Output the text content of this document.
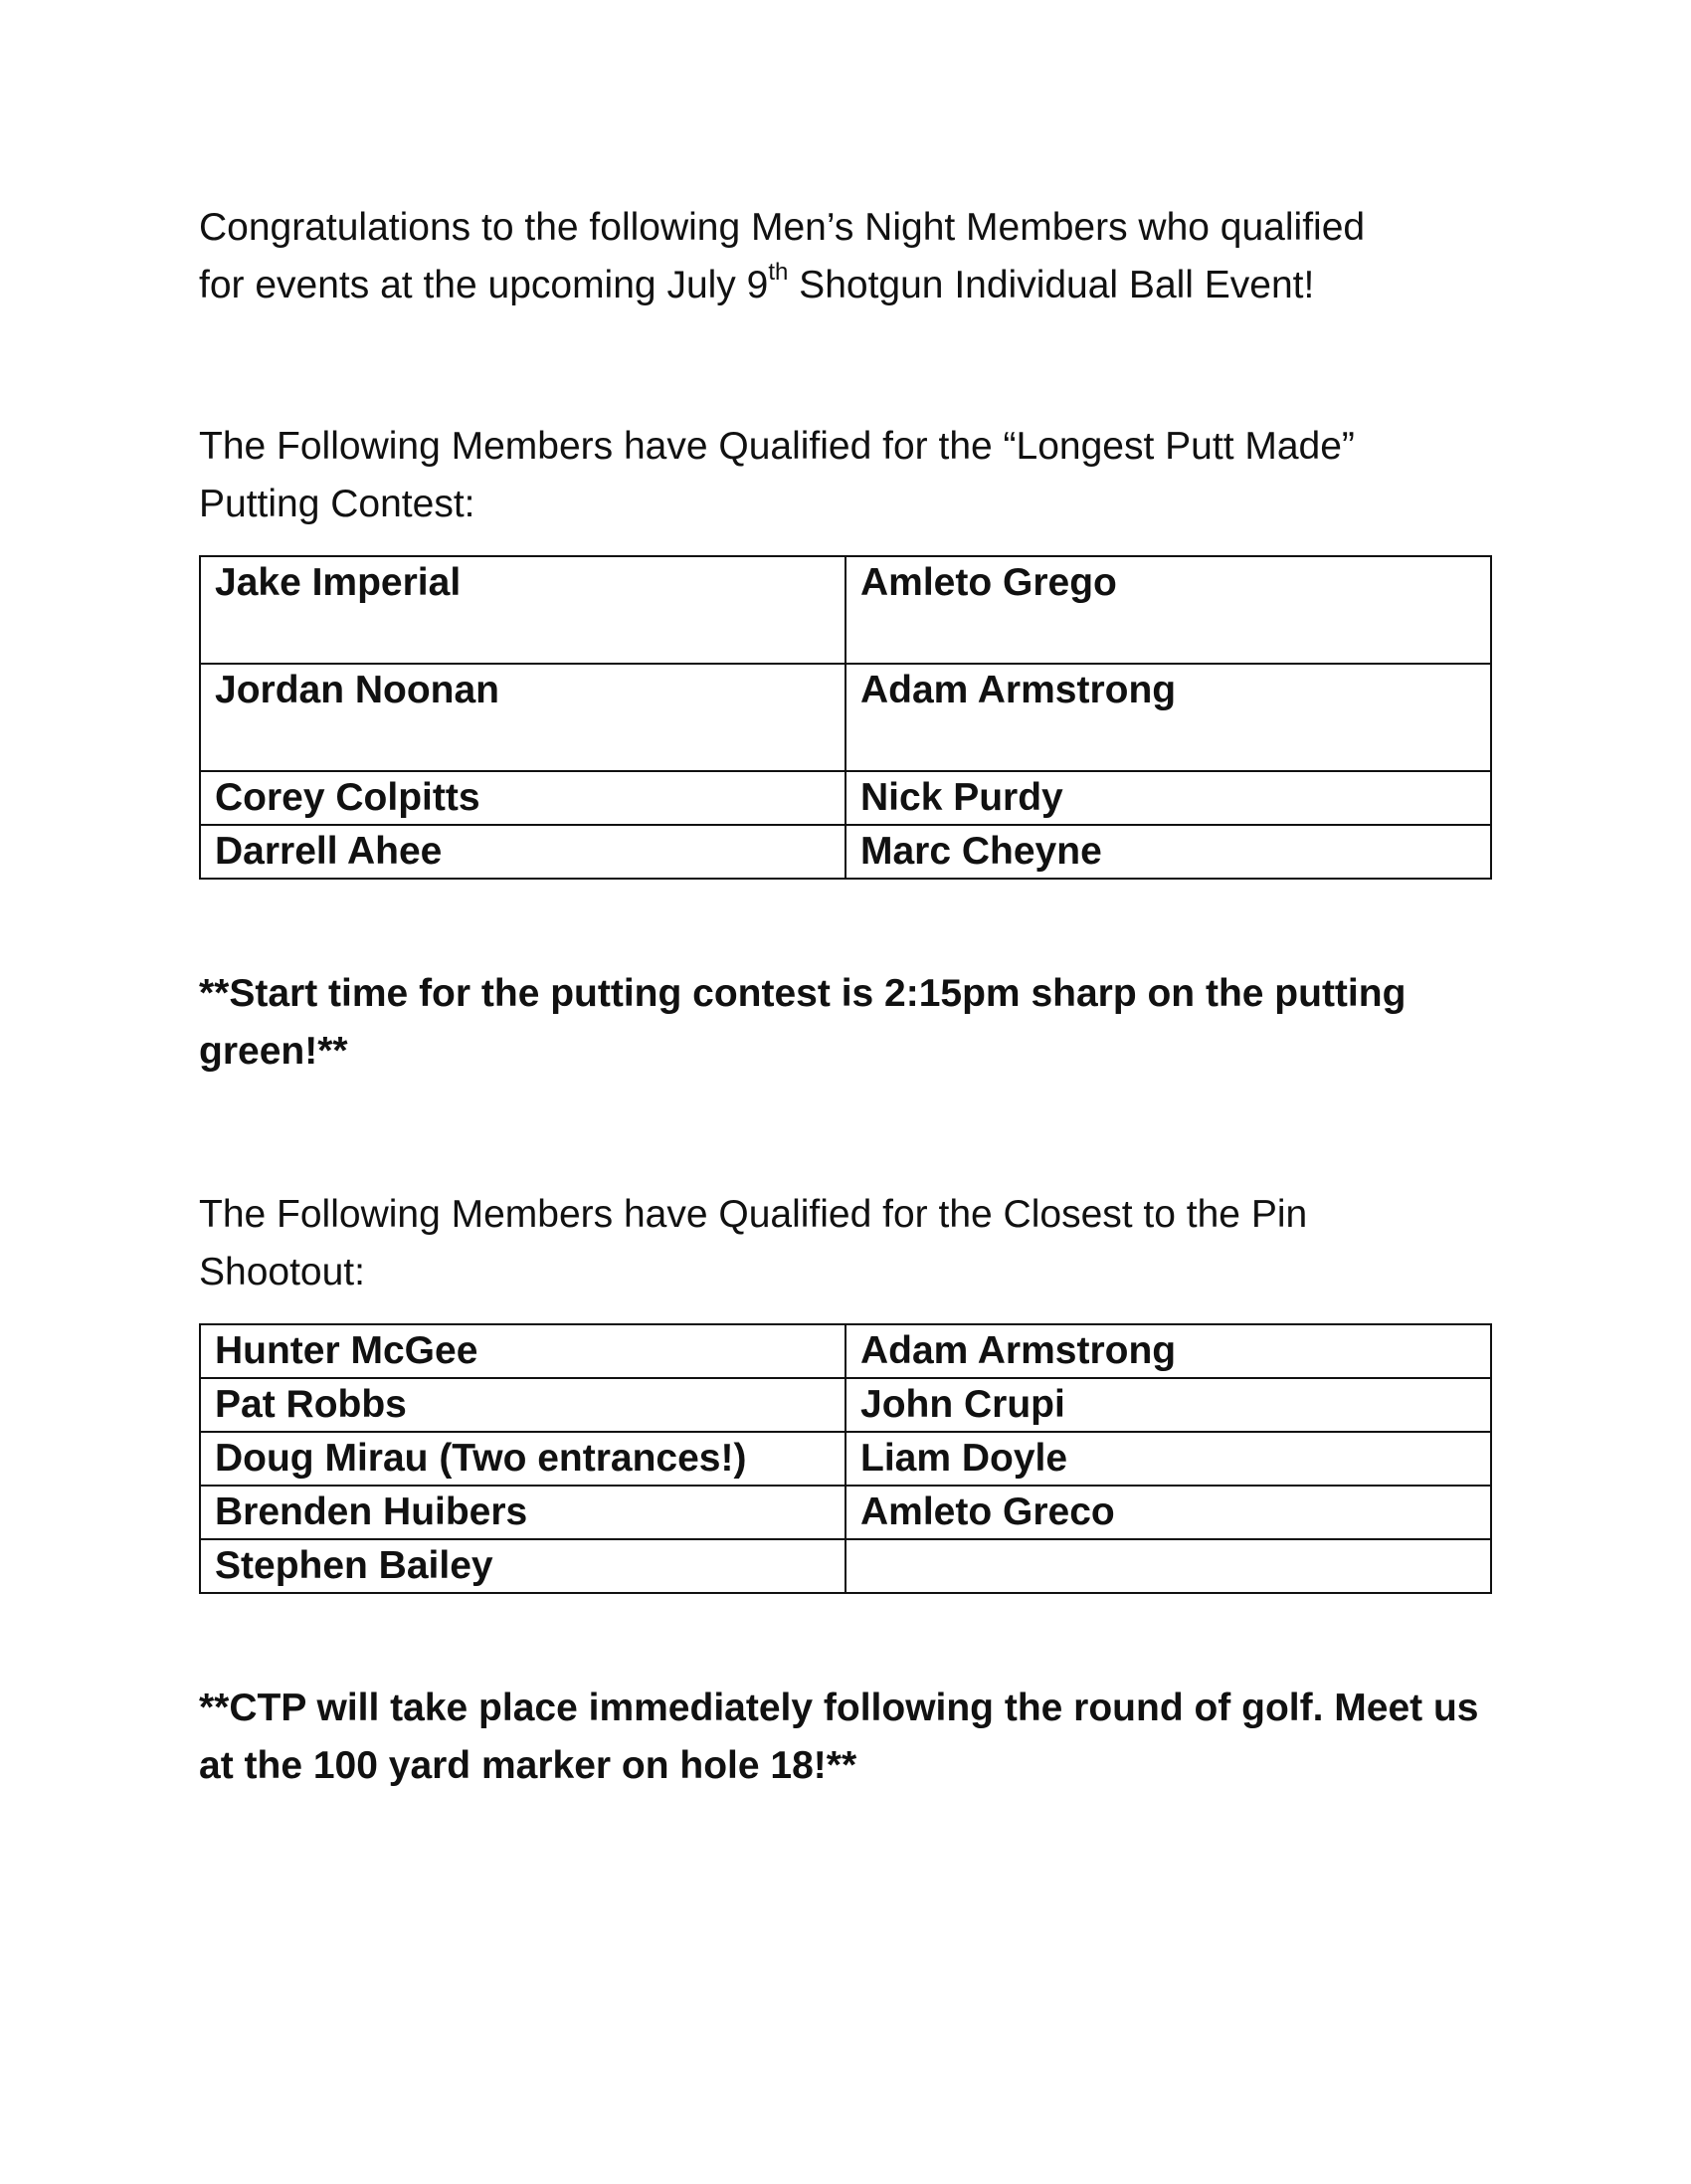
Congratulations to the following Men’s Night Members who qualified
for events at the upcoming July 9th Shotgun Individual Ball Event!

The Following Members have Qualified for the “Longest Putt Made”
Putting Contest:

Jake Imperial	Amleto Grego
Jordan Noonan	Adam Armstrong
Corey Colpitts	Nick Purdy
Darrell Ahee	Marc Cheyne

**Start time for the putting contest is 2:15pm sharp on the putting
green!**

The Following Members have Qualified for the Closest to the Pin
Shootout:

Hunter McGee	Adam Armstrong
Pat Robbs	John Crupi
Doug Mirau (Two entrances!)	Liam Doyle
Brenden Huibers	Amleto Greco
Stephen Bailey	

**CTP will take place immediately following the round of golf. Meet us
at the 100 yard marker on hole 18!**
